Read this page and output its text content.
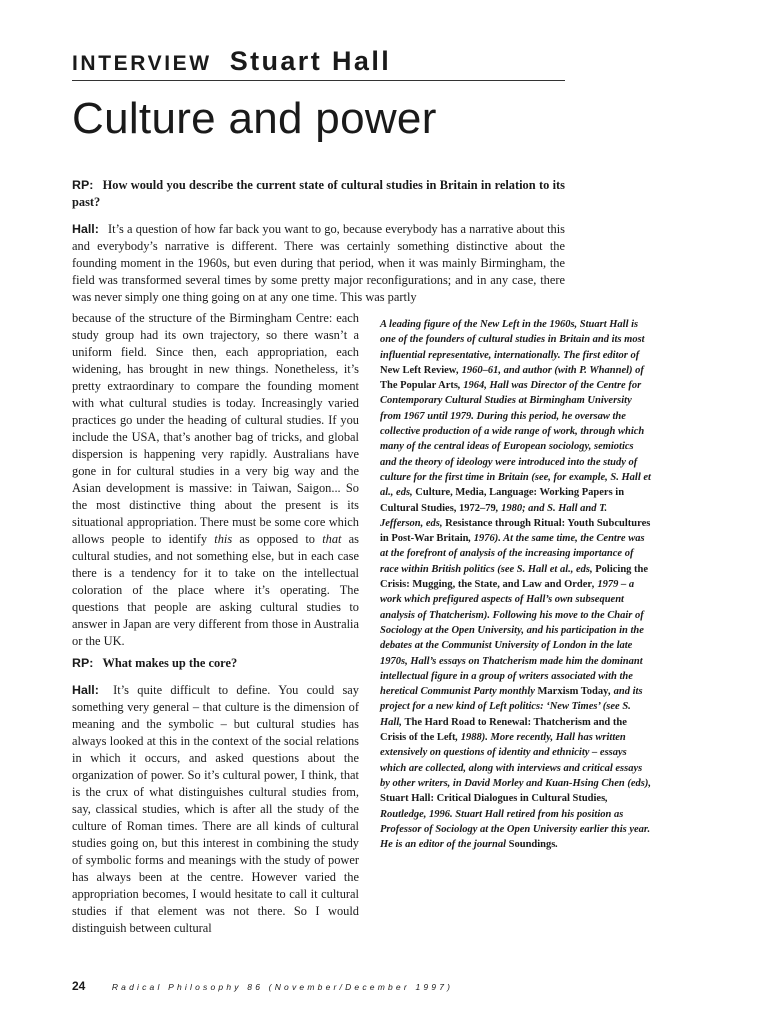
INTERVIEW Stuart Hall
Culture and power
RP: How would you describe the current state of cultural studies in Britain in relation to its past?
Hall: It’s a question of how far back you want to go, because everybody has a narrative about this and everybody’s narrative is different. There was certainly something distinctive about the founding moment in the 1960s, but even during that period, when it was mainly Birmingham, the field was transformed several times by some pretty major reconfigurations; and in any case, there was never simply one thing going on at any one time. This was partly
because of the structure of the Birmingham Centre: each study group had its own trajectory, so there wasn’t a uniform field. Since then, each appropriation, each widening, has brought in new things. Nonetheless, it’s pretty extraordinary to compare the founding moment with what cultural studies is today. Increasingly varied practices go under the heading of cultural studies. If you include the USA, that’s another bag of tricks, and global dispersion is happening very rapidly. Australians have gone in for cultural studies in a very big way and the Asian development is massive: in Taiwan, Saigon... So the most distinctive thing about the present is its situational appropriation. There must be some core which allows people to identify this as opposed to that as cultural studies, and not something else, but in each case there is a tendency for it to take on the intellectual coloration of the place where it’s operating. The questions that people are asking cultural studies to answer in Japan are very different from those in Australia or the UK.
RP: What makes up the core?
Hall: It’s quite difficult to define. You could say something very general – that culture is the dimension of meaning and the symbolic – but cultural studies has always looked at this in the context of the social relations in which it occurs, and asked questions about the organization of power. So it’s cultural power, I think, that is the crux of what distinguishes cultural studies from, say, classical studies, which is after all the study of the culture of Roman times. There are all kinds of cultural studies going on, but this interest in combining the study of symbolic forms and meanings with the study of power has always been at the centre. However varied the appropriation becomes, I would hesitate to call it cultural studies if that element was not there. So I would distinguish between cultural
A leading figure of the New Left in the 1960s, Stuart Hall is one of the founders of cultural studies in Britain and its most influential representative, internationally. The first editor of New Left Review, 1960–61, and author (with P. Whannel) of The Popular Arts, 1964, Hall was Director of the Centre for Contemporary Cultural Studies at Birmingham University from 1967 until 1979. During this period, he oversaw the collective production of a wide range of work, through which many of the central ideas of European sociology, semiotics and the theory of ideology were introduced into the study of culture for the first time in Britain (see, for example, S. Hall et al., eds, Culture, Media, Language: Working Papers in Cultural Studies, 1972–79, 1980; and S. Hall and T. Jefferson, eds, Resistance through Ritual: Youth Subcultures in Post-War Britain, 1976). At the same time, the Centre was at the forefront of analysis of the increasing importance of race within British politics (see S. Hall et al., eds, Policing the Crisis: Mugging, the State, and Law and Order, 1979 – a work which prefigured aspects of Hall’s own subsequent analysis of Thatcherism). Following his move to the Chair of Sociology at the Open University, and his participation in the debates at the Communist University of London in the late 1970s, Hall’s essays on Thatcherism made him the dominant intellectual figure in a group of writers associated with the heretical Communist Party monthly Marxism Today, and its project for a new kind of Left politics: ‘New Times’ (see S. Hall, The Hard Road to Renewal: Thatcherism and the Crisis of the Left, 1988). More recently, Hall has written extensively on questions of identity and ethnicity – essays which are collected, along with interviews and critical essays by other writers, in David Morley and Kuan-Hsing Chen (eds), Stuart Hall: Critical Dialogues in Cultural Studies, Routledge, 1996. Stuart Hall retired from his position as Professor of Sociology at the Open University earlier this year. He is an editor of the journal Soundings.
24	Radical Philosophy 86 (November/December 1997)
